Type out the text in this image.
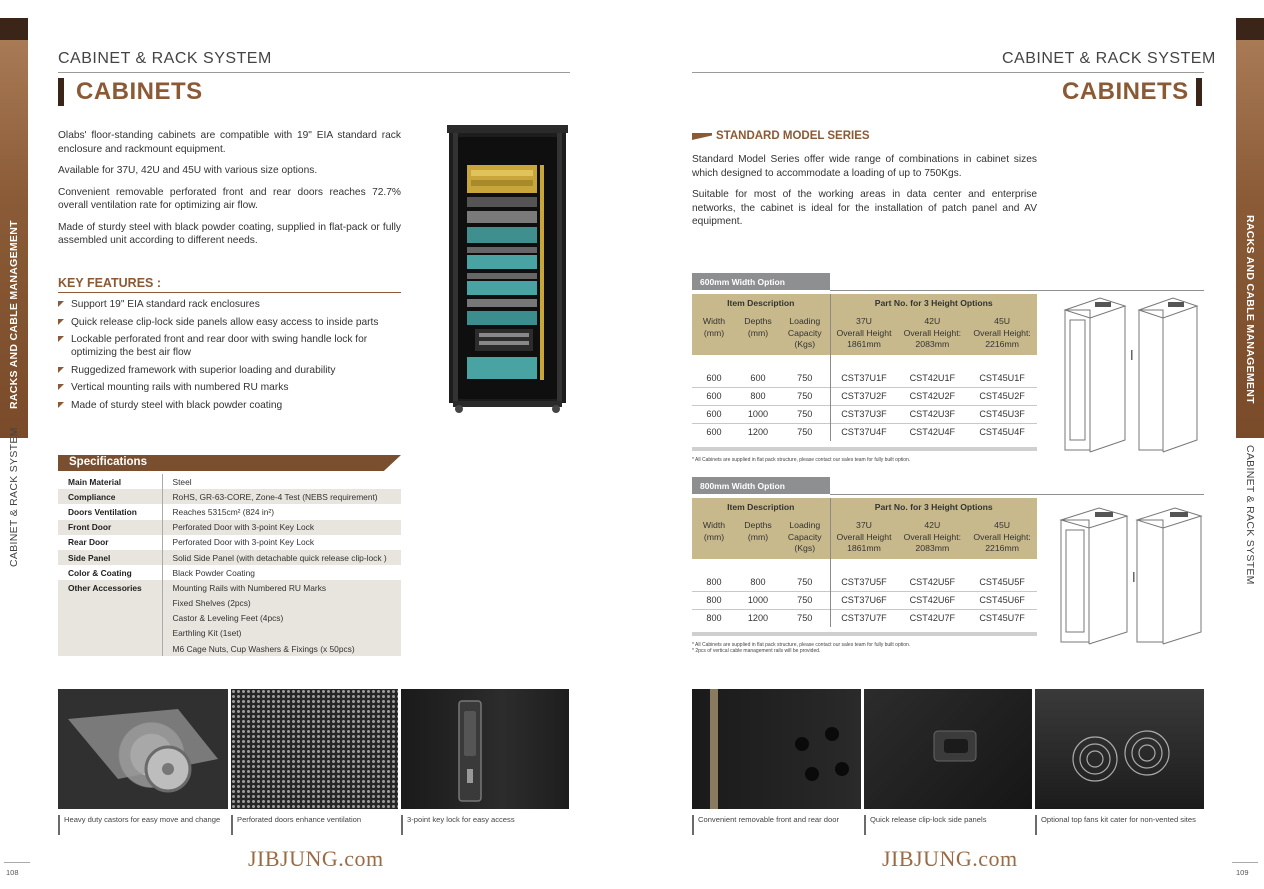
RACKS AND CABLE MANAGEMENT
CABINET & RACK SYSTEM
RACKS AND CABLE MANAGEMENT
CABINET & RACK SYSTEM
CABINET & RACK SYSTEM
CABINETS

Olabs' floor-standing cabinets are compatible with 19" EIA standard rack enclosure and rackmount equipment.

Available for 37U, 42U and 45U with various size options.

Convenient removable perforated front and rear doors reaches 72.7% overall ventilation rate for optimizing air flow.

Made of sturdy steel with black powder coating, supplied in flat-pack or fully assembled unit according to different needs.

KEY FEATURES :
Support 19" EIA standard rack enclosures
Quick release clip-lock side panels allow easy access to inside parts
Lockable perforated front and rear door with swing handle lock for optimizing the best air flow
Ruggedized framework with superior loading and durability
Vertical mounting rails with numbered RU marks
Made of sturdy steel with black powder coating
Specifications
Main Material	Steel
Compliance	RoHS, GR-63-CORE, Zone-4 Test (NEBS requirement)
Doors Ventilation	Reaches 5315cm² (824 in²)
Front Door	Perforated Door with 3-point Key Lock
Rear Door	Perforated Door with 3-point Key Lock
Side Panel	Solid Side Panel (with detachable quick release clip-lock )
Color & Coating	Black Powder Coating
Other Accessories	Mounting Rails with Numbered RU Marks
	Fixed Shelves (2pcs)
	Castor & Leveling Feet (4pcs)
	Earthling Kit (1set)
	M6 Cage Nuts, Cup Washers & Fixings (x 50pcs)
Heavy duty castors for easy move and change	Perforated doors enhance ventilation	3-point key lock for easy access
JIBJUNG.com
108
CABINET & RACK SYSTEM
CABINETS
STANDARD MODEL SERIES

Standard Model Series offer wide range of combinations in cabinet sizes which designed to accommodate a loading of up to 750Kgs.

Suitable for most of the working areas in data center and enterprise networks, the cabinet is ideal for the installation of patch panel and AV equipment.

600mm Width Option
Item Description			Part No. for 3 Height Options		
Width
(mm)	Depths
(mm)	Loading
Capacity
(Kgs)	37U
Overall Height
1861mm	42U
Overall Height:
2083mm	45U
Overall Height:
2216mm

600	600	750	CST37U1F	CST42U1F	CST45U1F
600	800	750	CST37U2F	CST42U2F	CST45U2F
600	1000	750	CST37U3F	CST42U3F	CST45U3F
600	1200	750	CST37U4F	CST42U4F	CST45U4F
* All Cabinets are supplied in flat pack structure, please contact our sales team for fully built option.
800mm Width Option
Item Description			Part No. for 3 Height Options		
Width
(mm)	Depths
(mm)	Loading
Capacity
(Kgs)	37U
Overall Height
1861mm	42U
Overall Height:
2083mm	45U
Overall Height:
2216mm

800	800	750	CST37U5F	CST42U5F	CST45U5F
800	1000	750	CST37U6F	CST42U6F	CST45U6F
800	1200	750	CST37U7F	CST42U7F	CST45U7F
* All Cabinets are supplied in flat pack structure, please contact our sales team for fully built option.
* 2pcs of vertical cable management rails will be provided.
Convenient removable front and rear door	Quick release clip-lock side panels	Optional top fans kit cater for non-vented sites
JIBJUNG.com
109
